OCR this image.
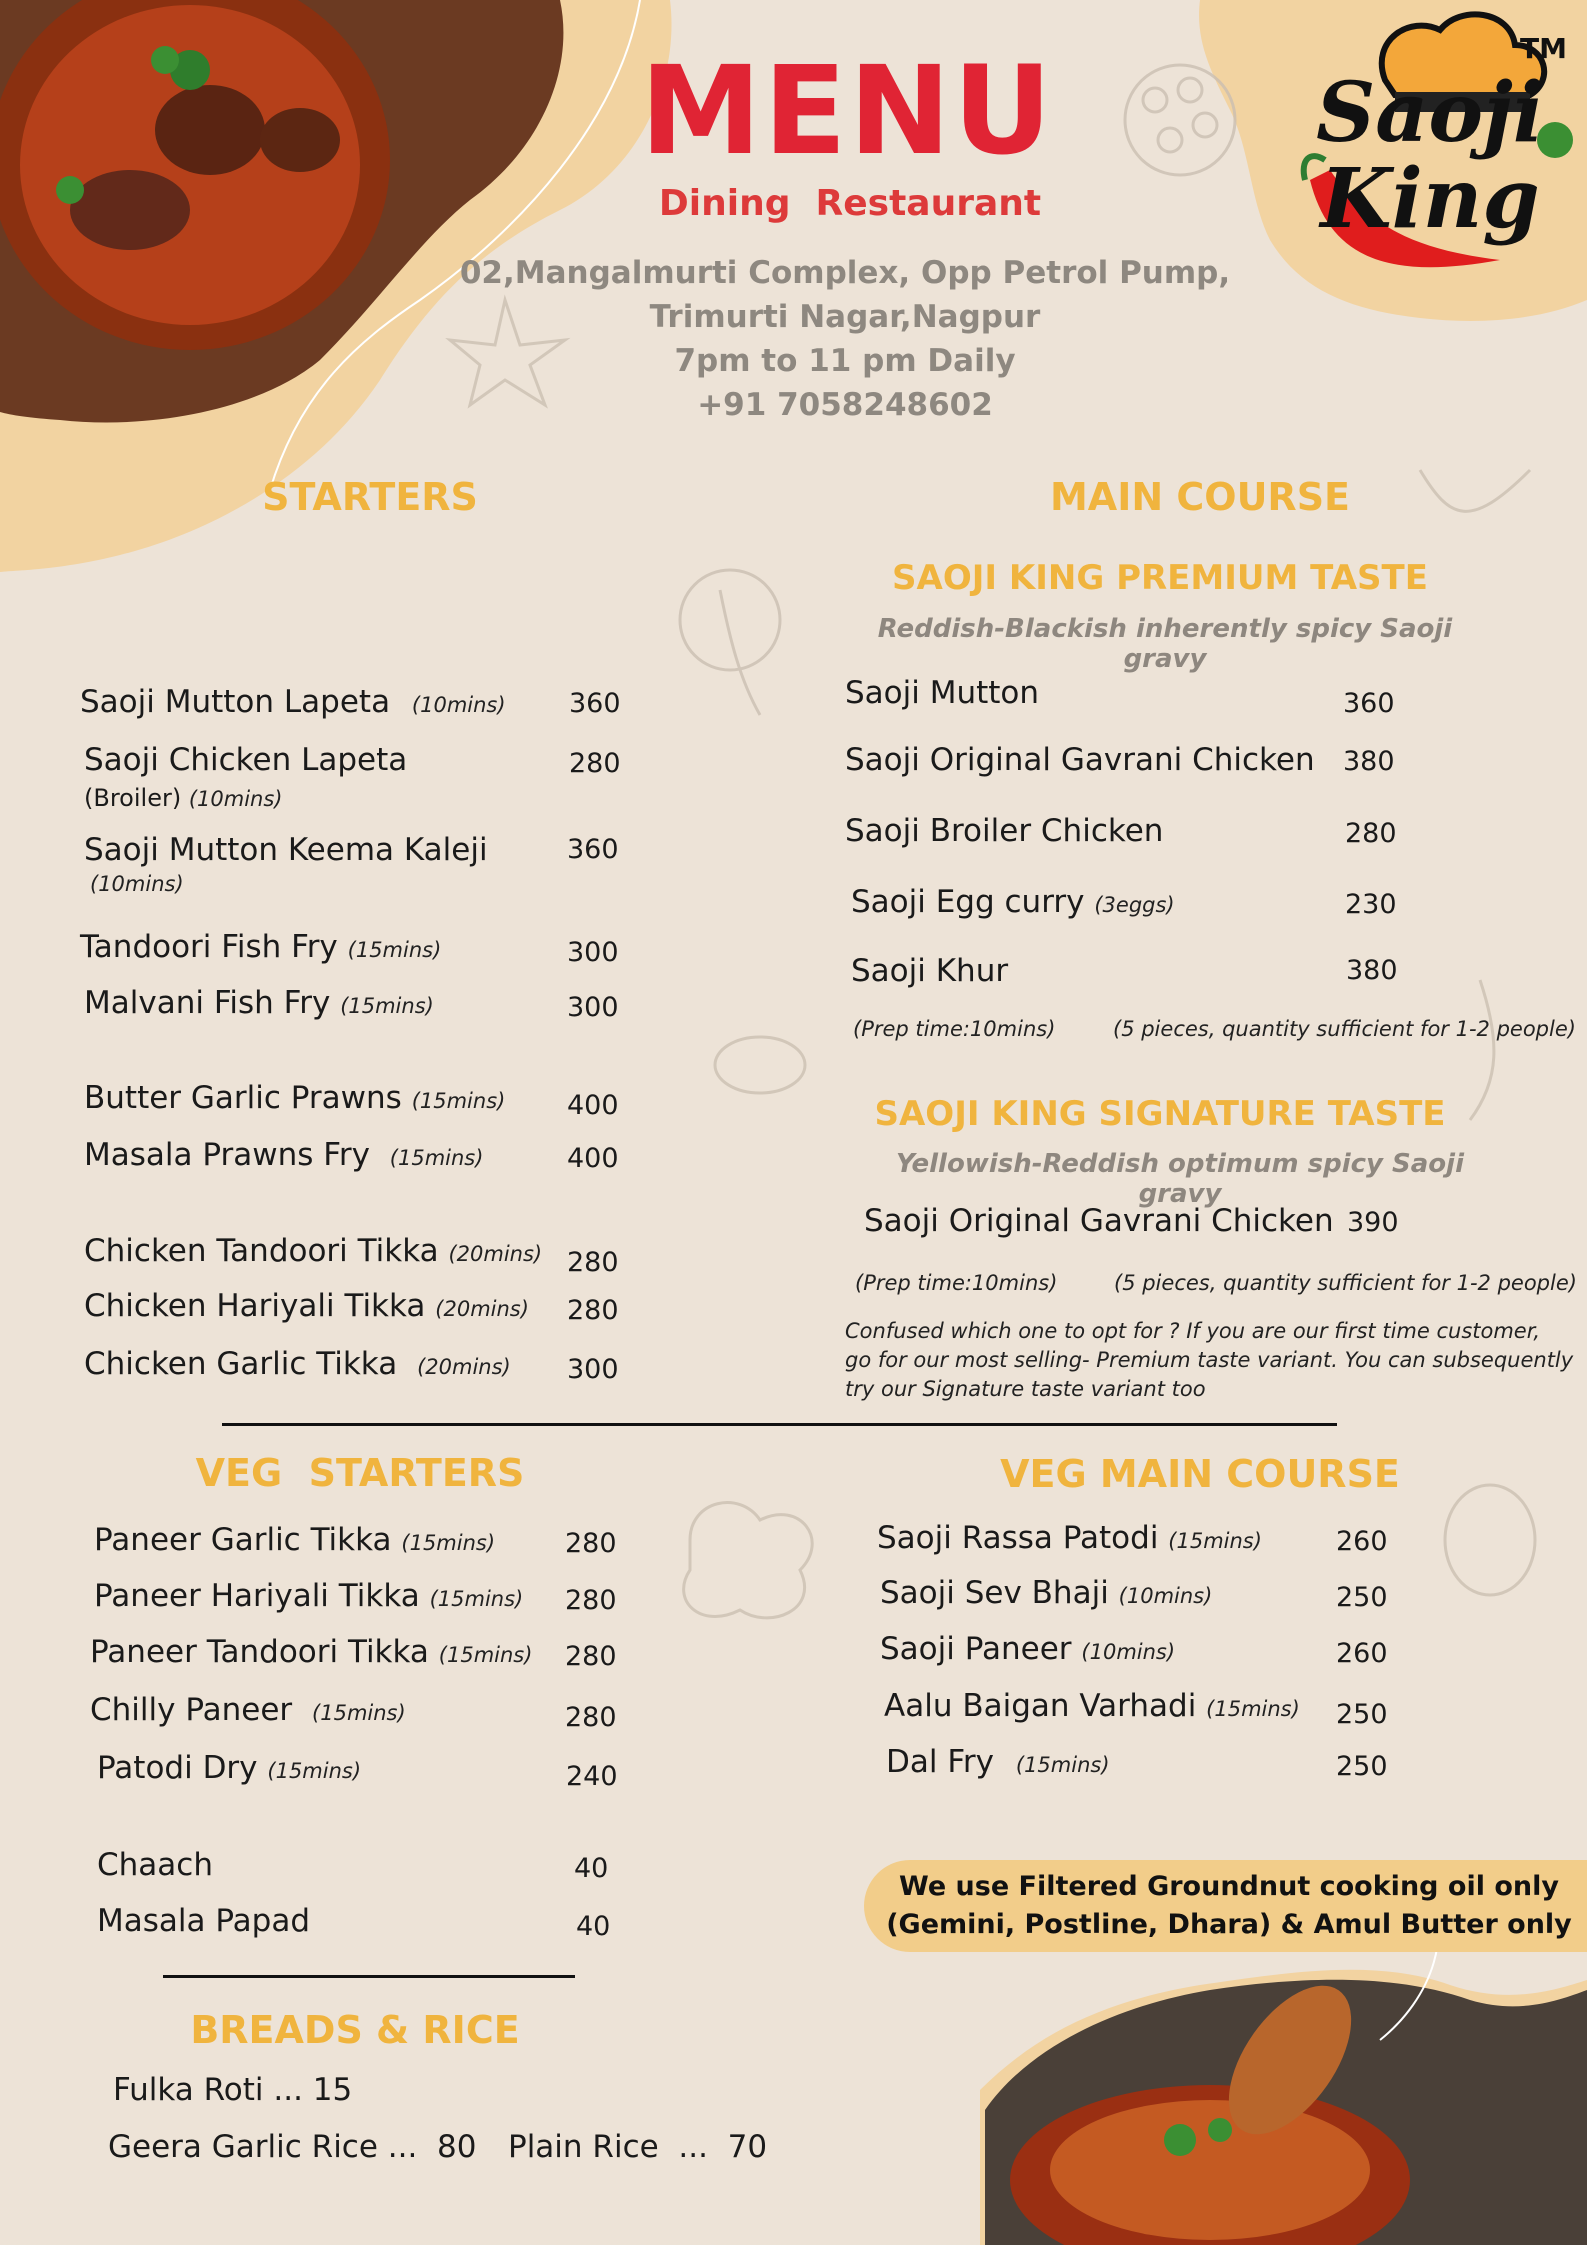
Saoji
King
TM
MENU
Dining  Restaurant
02,Mangalmurti Complex, Opp Petrol Pump,
Trimurti Nagar,Nagpur
7pm to 11 pm Daily
+91 7058248602
STARTERS
Saoji Mutton Lapeta (10mins) 360
Saoji Chicken Lapeta
(Broiler) (10mins)
280
Saoji Mutton Keema Kaleji
(10mins)
360
Tandoori Fish Fry (15mins)	300
Malvani Fish Fry (15mins)	300
Butter Garlic Prawns (15mins) 400
Masala Prawns Fry (15mins)	400
Chicken Tandoori Tikka (20mins) 280
Chicken Hariyali Tikka (20mins) 280
Chicken Garlic Tikka (20mins) 300
MAIN COURSE
SAOJI KING PREMIUM TASTE
Reddish-Blackish inherently spicy Saoji gravy
Saoji Mutton	360
Saoji Original Gavrani Chicken 380
Saoji Broiler Chicken	280
Saoji Egg curry (3eggs)	230
Saoji Khur	380
(Prep time:10mins)	(5 pieces, quantity sufficient for 1-2 people)
SAOJI KING SIGNATURE TASTE
Yellowish-Reddish optimum spicy Saoji gravy
Saoji Original Gavrani Chicken 390
(Prep time:10mins)	(5 pieces, quantity sufficient for 1-2 people)
Confused which one to opt for ? If you are our first time customer,
go for our most selling- Premium taste variant. You can subsequently
try our Signature taste variant too
VEG  STARTERS
Paneer Garlic Tikka (15mins)	280
Paneer Hariyali Tikka (15mins) 280
Paneer Tandoori Tikka (15mins) 280
Chilly Paneer (15mins)	280
Patodi Dry (15mins)	240
Chaach	40
Masala Papad	40
VEG MAIN COURSE
Saoji Rassa Patodi (15mins)	260
Saoji Sev Bhaji (10mins)	250
Saoji Paneer (10mins)	260
Aalu Baigan Varhadi (15mins) 250
Dal Fry (15mins)	250
We use Filtered Groundnut cooking oil only
(Gemini, Postline, Dhara) & Amul Butter only
BREADS & RICE
Fulka Roti ... 15
Geera Garlic Rice ...  80 Plain Rice  ...  70
